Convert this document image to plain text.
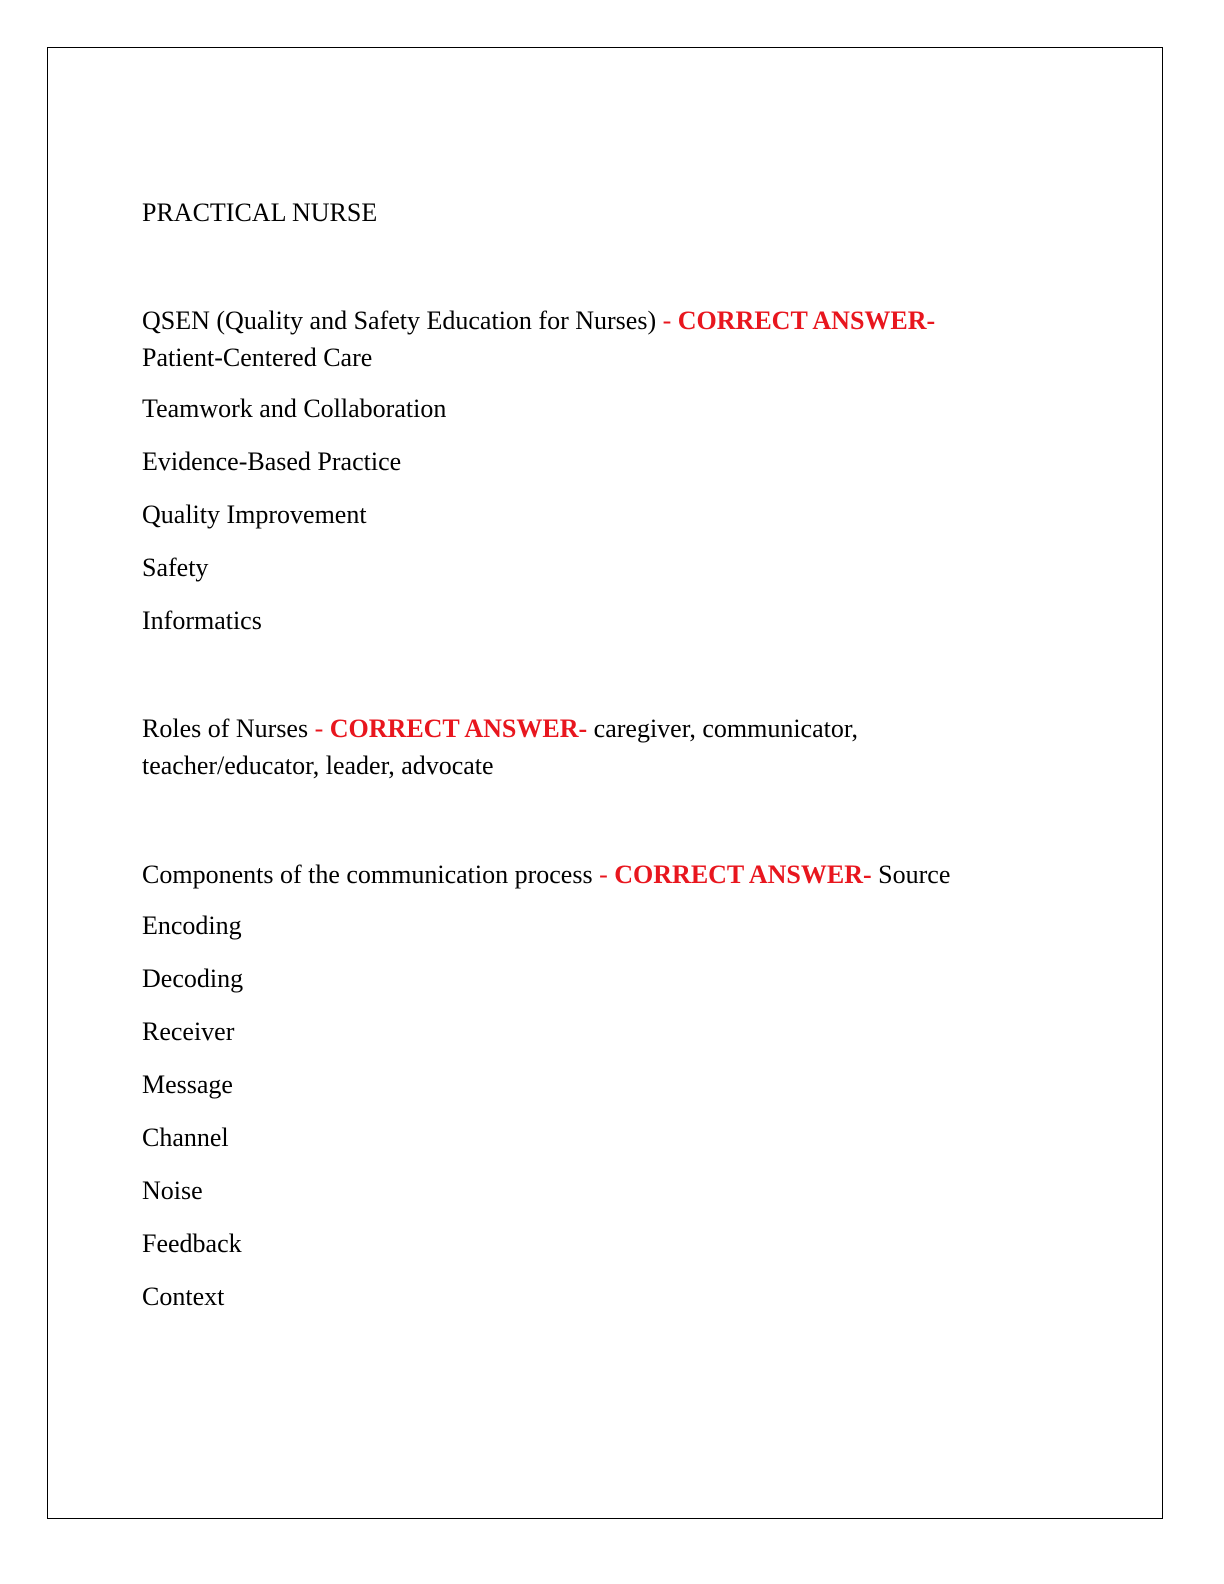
PRACTICAL NURSE
QSEN (Quality and Safety Education for Nurses) - CORRECT ANSWER-
Patient-Centered Care
Teamwork and Collaboration
Evidence-Based Practice
Quality Improvement
Safety
Informatics
Roles of Nurses - CORRECT ANSWER- caregiver, communicator,
teacher/educator, leader, advocate
Components of the communication process - CORRECT ANSWER- Source
Encoding
Decoding
Receiver
Message
Channel
Noise
Feedback
Context
